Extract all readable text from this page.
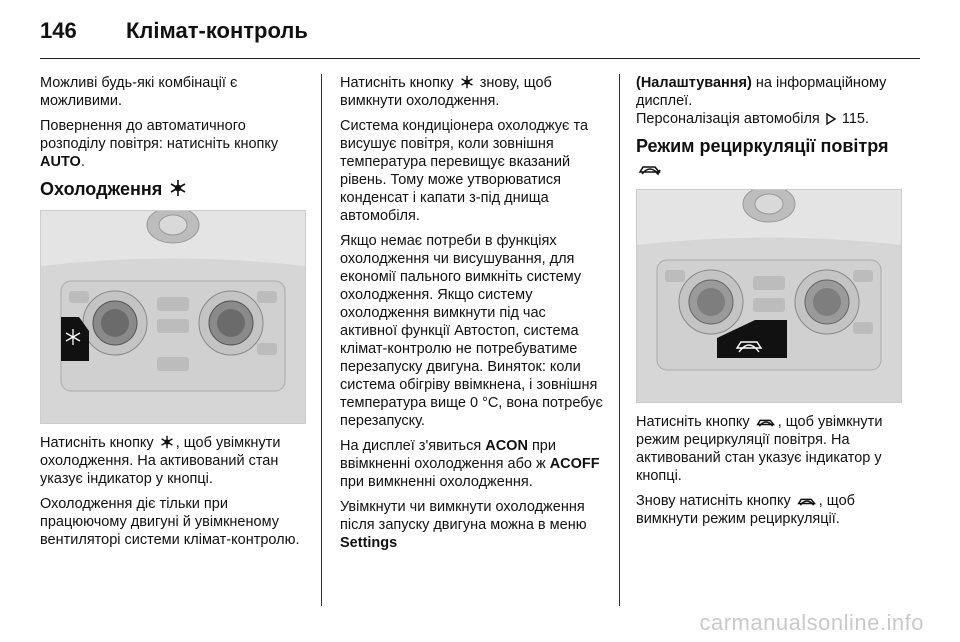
146 Клімат-контроль

Можливі будь-які комбінації є можливими.

Повернення до автоматичного розподілу повітря: натисніть кнопку AUTO.

Охолодження

Натисніть кнопку , щоб увімкнути охолодження. На активований стан указує індикатор у кнопці.

Охолодження діє тільки при працюючому двигуні й увімкненому вентиляторі системи клімат-контролю.

Натисніть кнопку знову, щоб вимкнути охолодження.

Система кондиціонера охолоджує та висушує повітря, коли зовнішня температура перевищує вказаний рівень. Тому може утворюватися конденсат і капати з-під днища автомобіля.

Якщо немає потреби в функціях охолодження чи висушування, для економії пального вимкніть систему охолодження. Якщо систему охолодження вимкнути під час активної функції Автостоп, система клімат-контролю не потребуватиме перезапуску двигуна. Виняток: коли система обігріву ввімкнена, і зовнішня температура вище 0 °C, вона потребує перезапуску.

На дисплеї з'явиться ACON при ввімкненні охолодження або ж ACOFF при вимкненні охолодження.

Увімкнути чи вимкнути охолодження після запуску двигуна можна в меню Settings

(Налаштування) на інформаційному дисплеї.
Персоналізація автомобіля 115.

Режим рециркуляції повітря

Натисніть кнопку , щоб увімкнути режим рециркуляції повітря. На активований стан указує індикатор у кнопці.

Знову натисніть кнопку , щоб вимкнути режим рециркуляції.

carmanualsonline.info
